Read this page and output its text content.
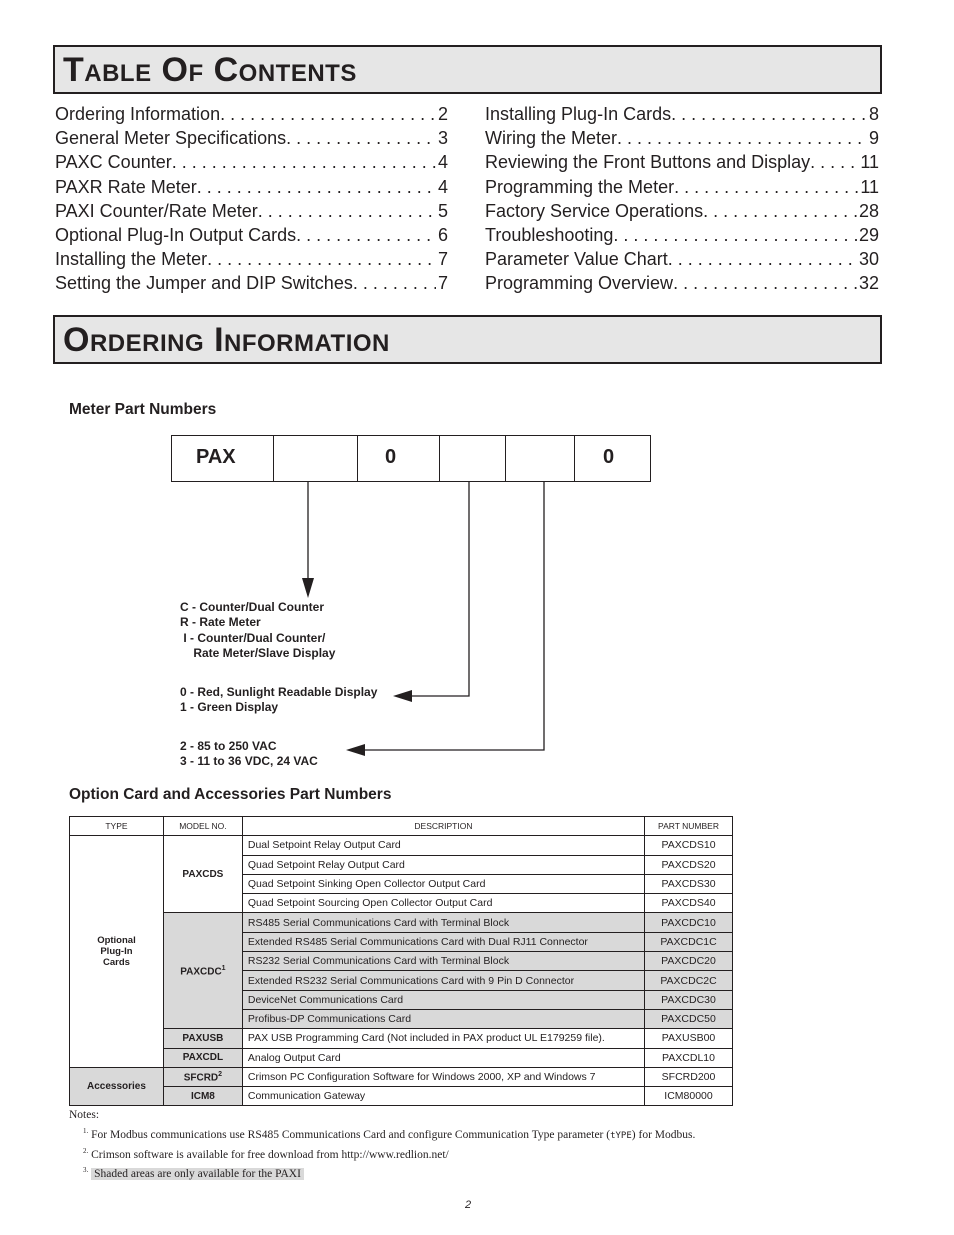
Table Of Contents
Ordering Information . . .	2
General Meter Specifications . . .	3
PAXC Counter . . .	4
PAXR Rate Meter . . .	4
PAXI Counter/Rate Meter . . .	5
Optional Plug-In Output Cards . . .	6
Installing the Meter . . .	7
Setting the Jumper and DIP Switches . . .	7
Installing Plug-In Cards . . .	8
Wiring the Meter . . .	9
Reviewing the Front Buttons and Display . . .	11
Programming the Meter . . .	11
Factory Service Operations . . .	28
Troubleshooting . . .	29
Parameter Value Chart . . .	30
Programming Overview . . .	32
Ordering Information
Meter Part Numbers
PAX	0	0
C - Counter/Dual Counter
R - Rate Meter
I - Counter/Dual Counter/
Rate Meter/Slave Display
0 - Red, Sunlight Readable Display
1 - Green Display
2 - 85 to 250 VAC
3 - 11 to 36 VDC, 24 VAC
Option Card and Accessories Part Numbers
TYPE	MODEL NO.	DESCRIPTION	PART NUMBER
Optional Plug-In Cards	PAXCDS	Dual Setpoint Relay Output Card	PAXCDS10
		Quad Setpoint Relay Output Card	PAXCDS20
		Quad Setpoint Sinking Open Collector Output Card	PAXCDS30
		Quad Setpoint Sourcing Open Collector Output Card	PAXCDS40
	PAXCDC$^1$	RS485 Serial Communications Card with Terminal Block	PAXCDC10
		Extended RS485 Serial Communications Card with Dual RJ11 Connector	PAXCDC1C
		RS232 Serial Communications Card with Terminal Block	PAXCDC20
		Extended RS232 Serial Communications Card with 9 Pin D Connector	PAXCDC2C
		DeviceNet Communications Card	PAXCDC30
		Profibus-DP Communications Card	PAXCDC50
	PAXUSB	PAX USB Programming Card (Not included in PAX product UL E179259 file).	PAXUSB00
	PAXCDL	Analog Output Card	PAXCDL10
Accessories	SFCRD$^2$	Crimson PC Configuration Software for Windows 2000, XP and Windows 7	SFCRD200
	ICM8	Communication Gateway	ICM80000
Notes:
$^{1.}$ For Modbus communications use RS485 Communications Card and configure Communication Type parameter (tYPE) for Modbus.
$^{2.}$ Crimson software is available for free download from http://www.redlion.net/
$^{3.}$ Shaded areas are only available for the PAXI
2
